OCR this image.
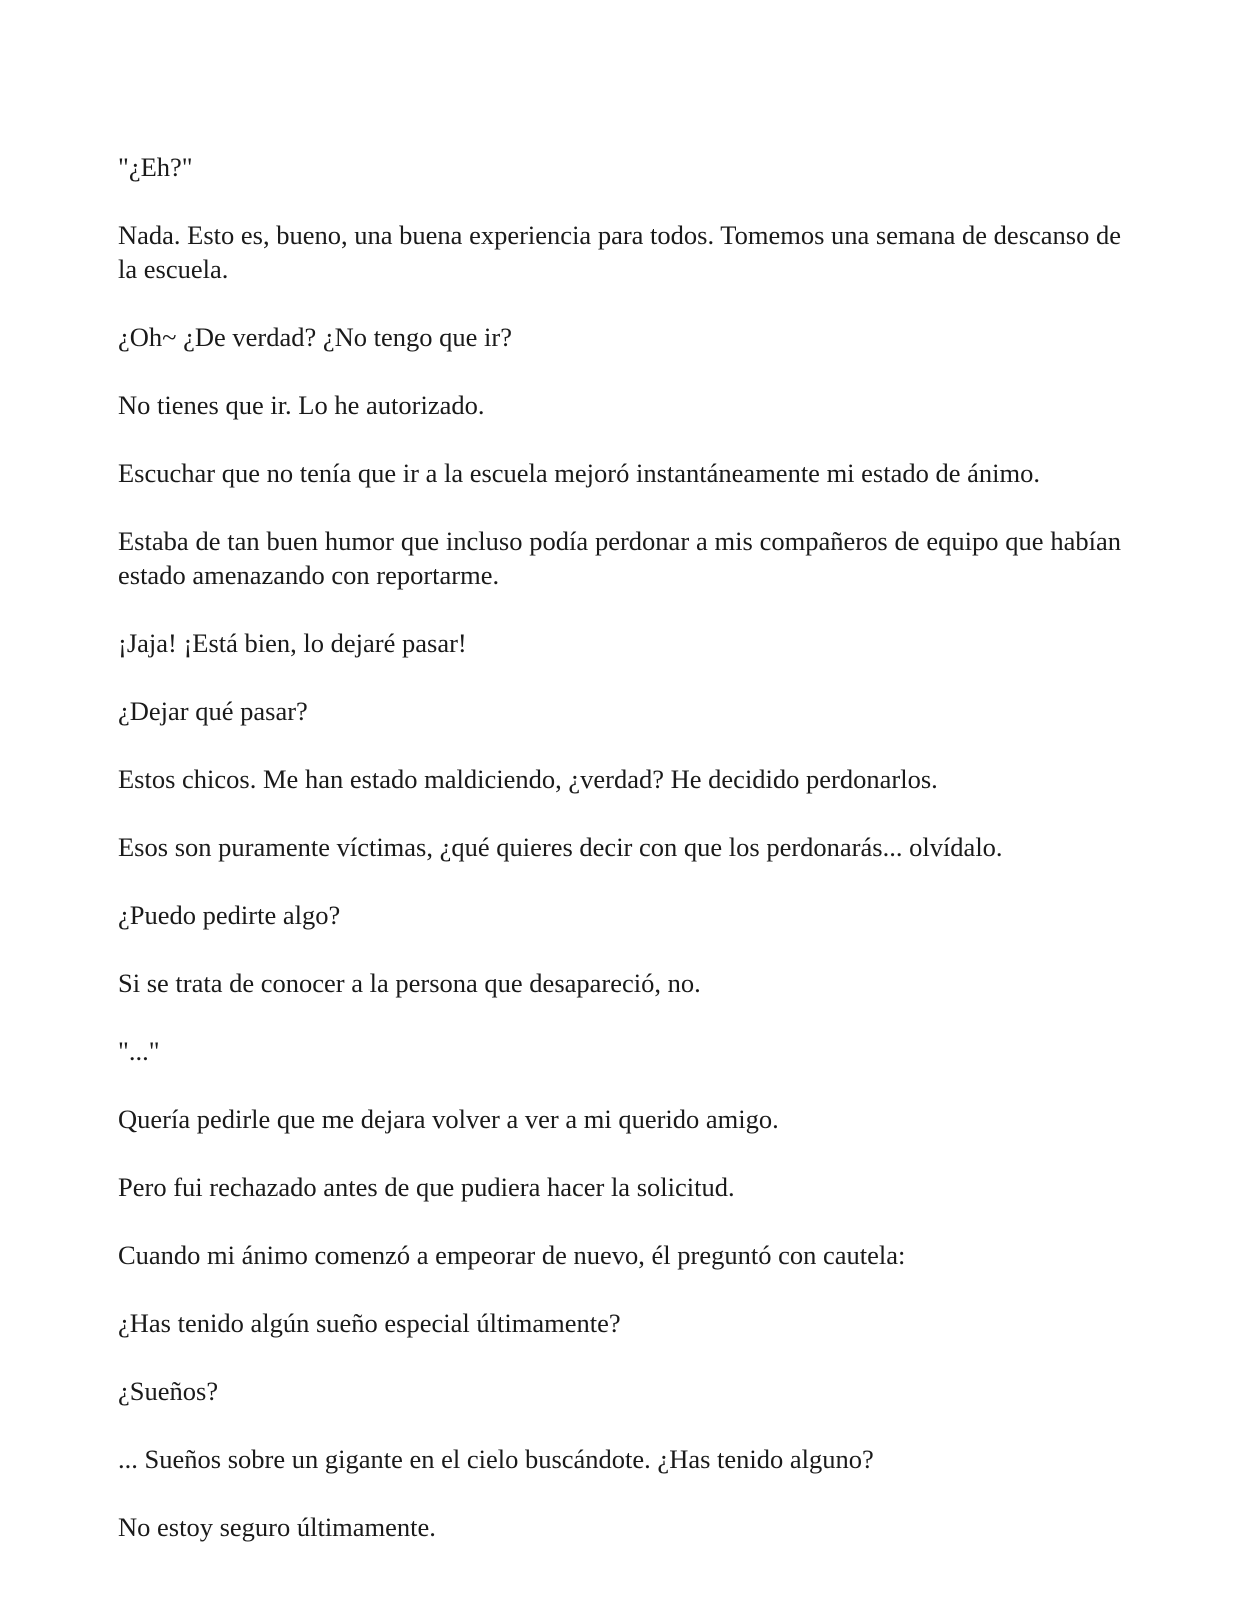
"¿Eh?"

Nada. Esto es, bueno, una buena experiencia para todos. Tomemos una semana de descanso de la escuela.

¿Oh~ ¿De verdad? ¿No tengo que ir?

No tienes que ir. Lo he autorizado.

Escuchar que no tenía que ir a la escuela mejoró instantáneamente mi estado de ánimo.

Estaba de tan buen humor que incluso podía perdonar a mis compañeros de equipo que habían estado amenazando con reportarme.

¡Jaja! ¡Está bien, lo dejaré pasar!

¿Dejar qué pasar?

Estos chicos. Me han estado maldiciendo, ¿verdad? He decidido perdonarlos.

Esos son puramente víctimas, ¿qué quieres decir con que los perdonarás... olvídalo.

¿Puedo pedirte algo?

Si se trata de conocer a la persona que desapareció, no.

"..."

Quería pedirle que me dejara volver a ver a mi querido amigo.

Pero fui rechazado antes de que pudiera hacer la solicitud.

Cuando mi ánimo comenzó a empeorar de nuevo, él preguntó con cautela:

¿Has tenido algún sueño especial últimamente?

¿Sueños?

... Sueños sobre un gigante en el cielo buscándote. ¿Has tenido alguno?

No estoy seguro últimamente.
